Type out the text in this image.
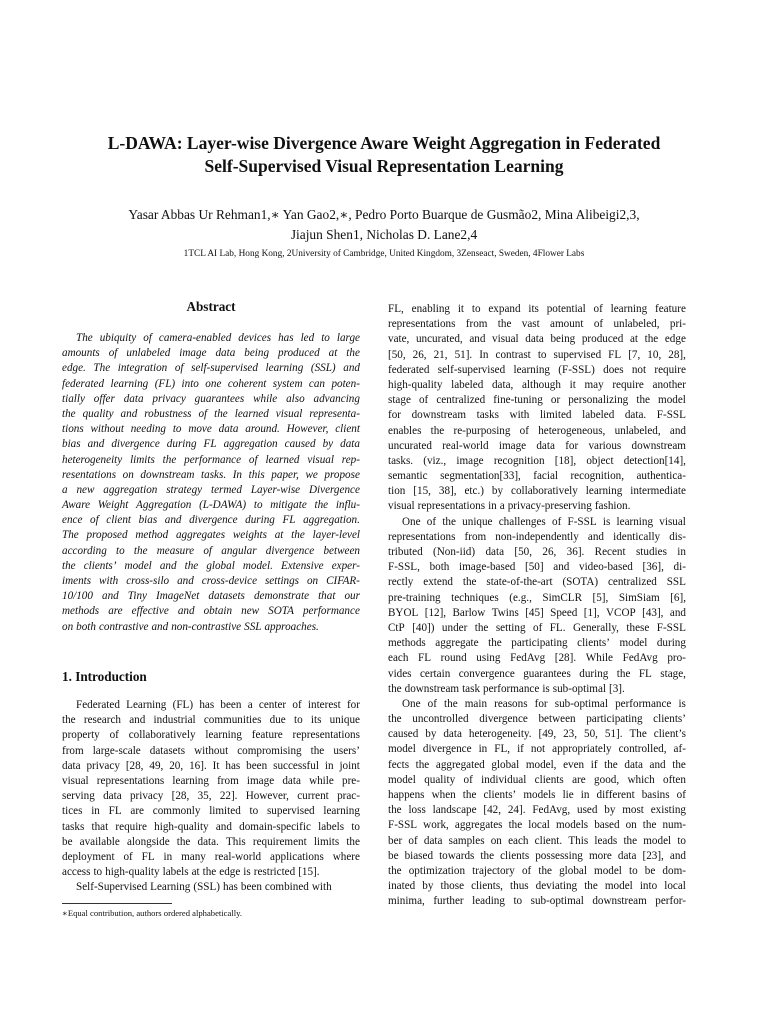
L-DAWA: Layer-wise Divergence Aware Weight Aggregation in Federated
Self-Supervised Visual Representation Learning
Yasar Abbas Ur Rehman1,∗ Yan Gao2,∗, Pedro Porto Buarque de Gusmão2, Mina Alibeigi2,3,
Jiajun Shen1, Nicholas D. Lane2,4
1TCL AI Lab, Hong Kong, 2University of Cambridge, United Kingdom, 3Zenseact, Sweden, 4Flower Labs
Abstract
The ubiquity of camera-enabled devices has led to large
amounts of unlabeled image data being produced at the
edge. The integration of self-supervised learning (SSL) and
federated learning (FL) into one coherent system can poten-
tially offer data privacy guarantees while also advancing
the quality and robustness of the learned visual representa-
tions without needing to move data around. However, client
bias and divergence during FL aggregation caused by data
heterogeneity limits the performance of learned visual rep-
resentations on downstream tasks. In this paper, we propose
a new aggregation strategy termed Layer-wise Divergence
Aware Weight Aggregation (L-DAWA) to mitigate the influ-
ence of client bias and divergence during FL aggregation.
The proposed method aggregates weights at the layer-level
according to the measure of angular divergence between
the clients’ model and the global model. Extensive exper-
iments with cross-silo and cross-device settings on CIFAR-
10/100 and Tiny ImageNet datasets demonstrate that our
methods are effective and obtain new SOTA performance
on both contrastive and non-contrastive SSL approaches.
1. Introduction
Federated Learning (FL) has been a center of interest for
the research and industrial communities due to its unique
property of collaboratively learning feature representations
from large-scale datasets without compromising the users’
data privacy [28, 49, 20, 16]. It has been successful in joint
visual representations learning from image data while pre-
serving data privacy [28, 35, 22]. However, current prac-
tices in FL are commonly limited to supervised learning
tasks that require high-quality and domain-specific labels to
be available alongside the data. This requirement limits the
deployment of FL in many real-world applications where
access to high-quality labels at the edge is restricted [15].
Self-Supervised Learning (SSL) has been combined with
FL, enabling it to expand its potential of learning feature
representations from the vast amount of unlabeled, pri-
vate, uncurated, and visual data being produced at the edge
[50, 26, 21, 51]. In contrast to supervised FL [7, 10, 28],
federated self-supervised learning (F-SSL) does not require
high-quality labeled data, although it may require another
stage of centralized fine-tuning or personalizing the model
for downstream tasks with limited labeled data. F-SSL
enables the re-purposing of heterogeneous, unlabeled, and
uncurated real-world image data for various downstream
tasks. (viz., image recognition [18], object detection[14],
semantic segmentation[33], facial recognition, authentica-
tion [15, 38], etc.) by collaboratively learning intermediate
visual representations in a privacy-preserving fashion.
One of the unique challenges of F-SSL is learning visual
representations from non-independently and identically dis-
tributed (Non-iid) data [50, 26, 36]. Recent studies in
F-SSL, both image-based [50] and video-based [36], di-
rectly extend the state-of-the-art (SOTA) centralized SSL
pre-training techniques (e.g., SimCLR [5], SimSiam [6],
BYOL [12], Barlow Twins [45] Speed [1], VCOP [43], and
CtP [40]) under the setting of FL. Generally, these F-SSL
methods aggregate the participating clients’ model during
each FL round using FedAvg [28]. While FedAvg pro-
vides certain convergence guarantees during the FL stage,
the downstream task performance is sub-optimal [3].
One of the main reasons for sub-optimal performance is
the uncontrolled divergence between participating clients’
caused by data heterogeneity. [49, 23, 50, 51]. The client’s
model divergence in FL, if not appropriately controlled, af-
fects the aggregated global model, even if the data and the
model quality of individual clients are good, which often
happens when the clients’ models lie in different basins of
the loss landscape [42, 24]. FedAvg, used by most existing
F-SSL work, aggregates the local models based on the num-
ber of data samples on each client. This leads the model to
be biased towards the clients possessing more data [23], and
the optimization trajectory of the global model to be dom-
inated by those clients, thus deviating the model into local
minima, further leading to sub-optimal downstream perfor-
∗Equal contribution, authors ordered alphabetically.
